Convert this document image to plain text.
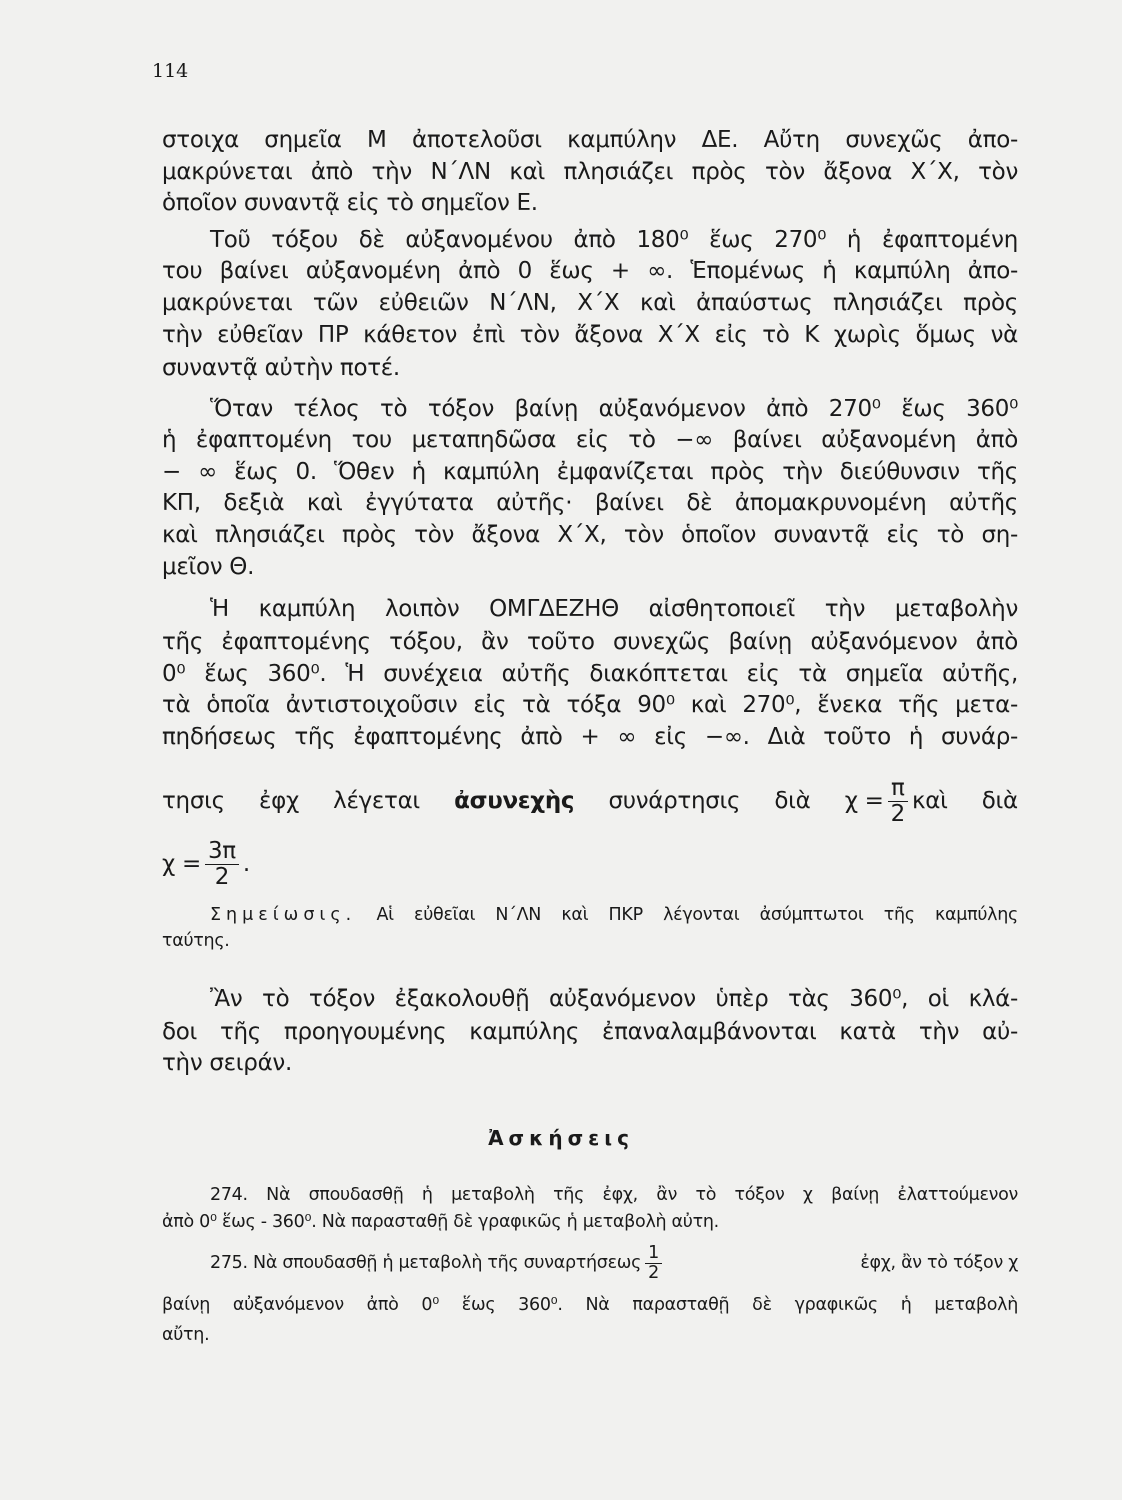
114
στοιχα σημεῖα Μ ἀποτελοῦσι καμπύλην ΔΕ. Αὔτη συνεχῶς ἀπο-
μακρύνεται ἀπὸ τὴν Ν΄ΛΝ καὶ πλησιάζει πρὸς τὸν ἄξονα Χ΄Χ, τὸν
ὁποῖον συναντᾷ εἰς τὸ σημεῖον Ε.
Τοῦ τόξου δὲ αὐξανομένου ἀπὸ 180⁰ ἕως 270⁰ ἡ ἐφαπτομένη
του βαίνει αὐξανομένη ἀπὸ 0 ἕως + ∞. Ἑπομένως ἡ καμπύλη ἀπο-
μακρύνεται τῶν εὐθειῶν Ν΄ΛΝ, Χ΄Χ καὶ ἀπαύστως πλησιάζει πρὸς
τὴν εὐθεῖαν ΠΡ κάθετον ἐπὶ τὸν ἄξονα Χ΄Χ εἰς τὸ Κ χωρὶς ὅμως νὰ
συναντᾷ αὐτὴν ποτέ.
Ὅταν τέλος τὸ τόξον βαίνῃ αὐξανόμενον ἀπὸ 270⁰ ἕως 360⁰
ἡ ἐφαπτομένη του μεταπηδῶσα εἰς τὸ −∞ βαίνει αὐξανομένη ἀπὸ
− ∞ ἕως 0. Ὅθεν ἡ καμπύλη ἐμφανίζεται πρὸς τὴν διεύθυνσιν τῆς
ΚΠ, δεξιὰ καὶ ἐγγύτατα αὐτῆς· βαίνει δὲ ἀπομακρυνομένη αὐτῆς
καὶ πλησιάζει πρὸς τὸν ἄξονα Χ΄Χ, τὸν ὁποῖον συναντᾷ εἰς τὸ ση-
μεῖον Θ.
Ἡ καμπύλη λοιπὸν ΟΜΓΔΕΖΗΘ αἰσθητοποιεῖ τὴν μεταβολὴν
τῆς ἐφαπτομένης τόξου, ἂν τοῦτο συνεχῶς βαίνῃ αὐξανόμενον ἀπὸ
0⁰ ἕως 360⁰. Ἡ συνέχεια αὐτῆς διακόπτεται εἰς τὰ σημεῖα αὐτῆς,
τὰ ὁποῖα ἀντιστοιχοῦσιν εἰς τὰ τόξα 90⁰ καὶ 270⁰, ἕνεκα τῆς μετα-
πηδήσεως τῆς ἐφαπτομένης ἀπὸ + ∞ εἰς −∞. Διὰ τοῦτο ἡ συνάρ-
τησις ἐφχ λέγεται ἀσυνεχὴς συνάρτησις διὰ $\chi = \frac{\pi}{2}$ καὶ διὰ
$\chi = \frac{3\pi}{2}$ .
Σημείωσις. Αἱ εὐθεῖαι Ν΄ΛΝ καὶ ΠΚΡ λέγονται ἀσύμπτωτοι τῆς καμπύλης
ταύτης.
Ἂν τὸ τόξον ἐξακολουθῇ αὐξανόμενον ὑπὲρ τὰς 360⁰, οἱ κλά-
δοι τῆς προηγουμένης καμπύλης ἐπαναλαμβάνονται κατὰ τὴν αὐ-
τὴν σειράν.
Ἀσκήσεις
274. Νὰ σπουδασθῇ ἡ μεταβολὴ τῆς ἐφχ, ἂν τὸ τόξον χ βαίνῃ ἐλαττούμενον
ἀπὸ 0⁰ ἕως - 360⁰. Νὰ παρασταθῇ δὲ γραφικῶς ἡ μεταβολὴ αὐτη.
275. Νὰ σπουδασθῇ ἡ μεταβολὴ τῆς συναρτήσεως $\frac{1}{2}$	ἐφχ, ἂν τὸ τόξον χ
βαίνῃ αὐξανόμενον ἀπὸ 0⁰ ἕως 360⁰. Νὰ παρασταθῇ δὲ γραφικῶς ἡ μεταβολὴ
αὔτη.
